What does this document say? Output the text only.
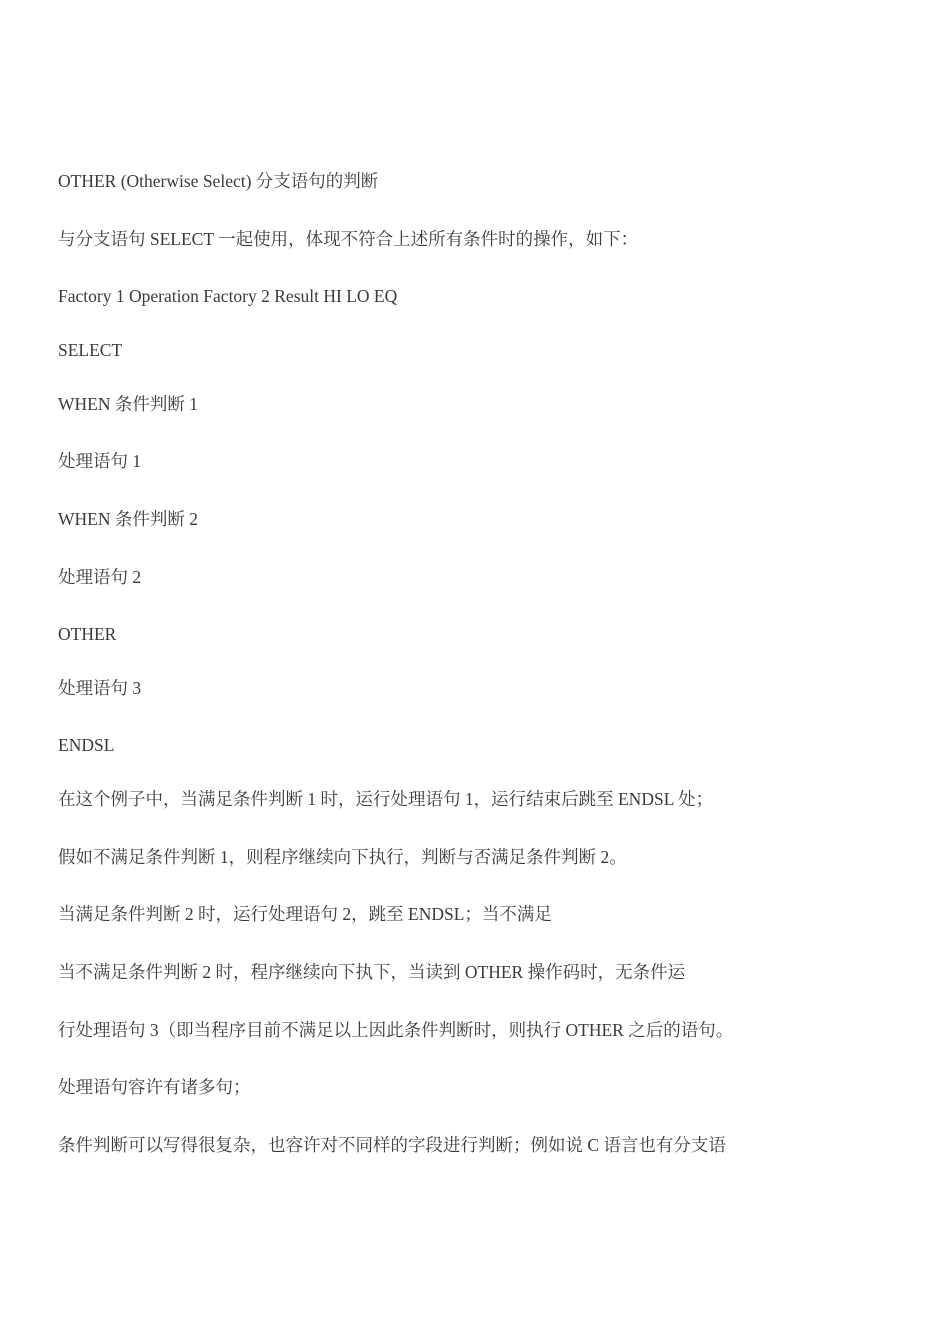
OTHER (Otherwise Select) 分支语句的判断
与分支语句 SELECT 一起使用，体现不符合上述所有条件时的操作，如下：
Factory 1 Operation Factory 2 Result HI LO EQ
SELECT
WHEN 条件判断 1
处理语句 1
WHEN 条件判断 2
处理语句 2
OTHER
处理语句 3
ENDSL
在这个例子中，当满足条件判断 1 时，运行处理语句 1，运行结束后跳至 ENDSL 处；
假如不满足条件判断 1，则程序继续向下执行，判断与否满足条件判断 2。
当满足条件判断 2 时，运行处理语句 2，跳至 ENDSL；当不满足
当不满足条件判断 2 时，程序继续向下执下，当读到 OTHER 操作码时，无条件运
行处理语句 3（即当程序目前不满足以上因此条件判断时，则执行 OTHER 之后的语句。
处理语句容许有诸多句；
条件判断可以写得很复杂，也容许对不同样的字段进行判断；例如说 C 语言也有分支语
